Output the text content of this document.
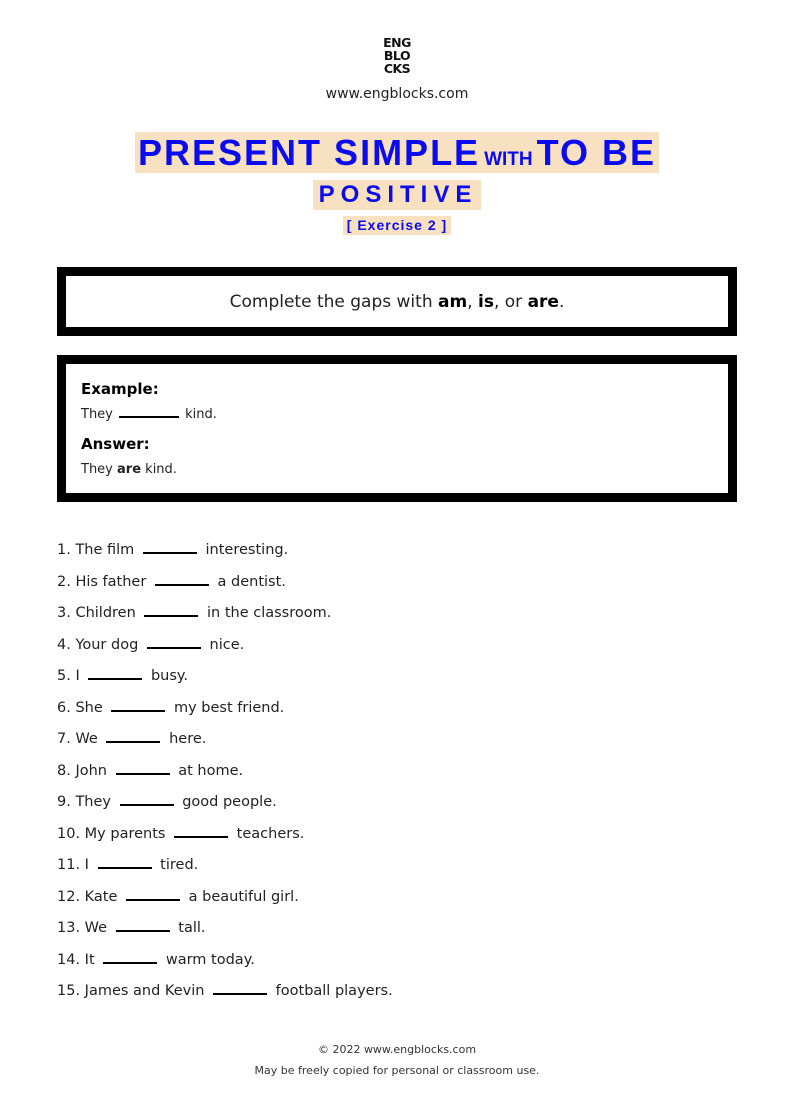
ENG
BLO
CKS
www.engblocks.com
PRESENT SIMPLE WITH TO BE
POSITIVE
[ Exercise 2 ]
Complete the gaps with am, is, or are.
Example:
They	kind.
Answer:
They are kind.
1. The film	interesting.
2. His father	a dentist.
3. Children	in the classroom.
4. Your dog	nice.
5. I	busy.
6. She	my best friend.
7. We	here.
8. John	at home.
9. They	good people.
10. My parents	teachers.
11. I	tired.
12. Kate	a beautiful girl.
13. We	tall.
14. It	warm today.
15. James and Kevin	football players.
© 2022 www.engblocks.com
May be freely copied for personal or classroom use.
